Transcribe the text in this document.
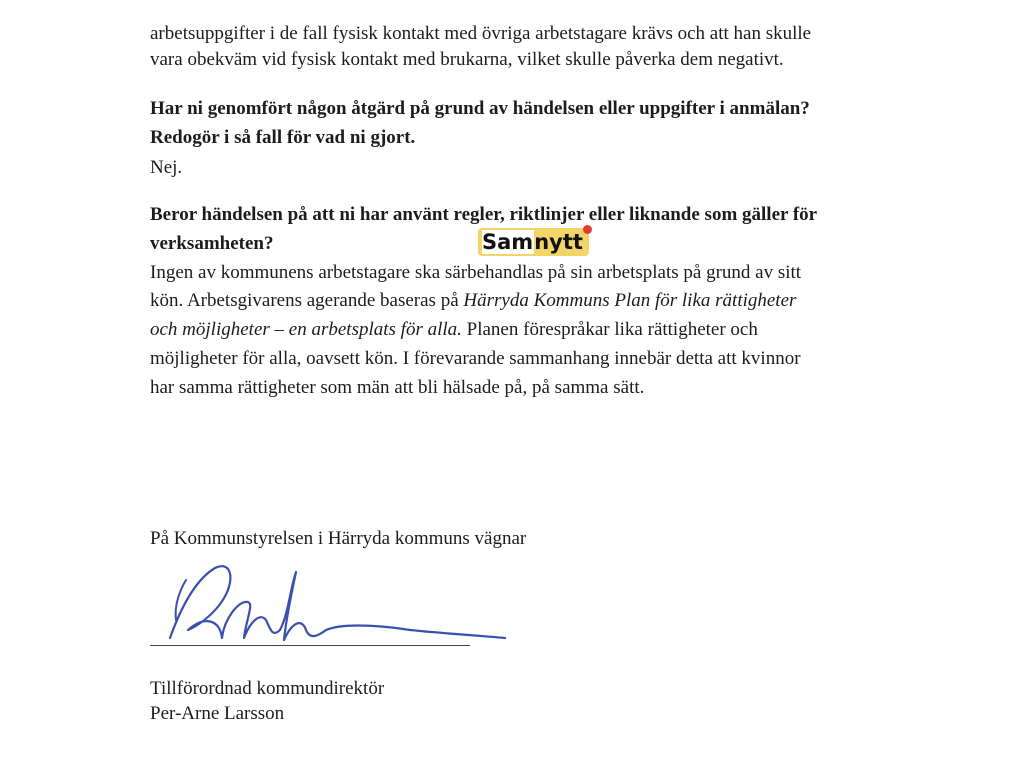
arbetsuppgifter i de fall fysisk kontakt med övriga arbetstagare krävs och att han skulle
vara obekväm vid fysisk kontakt med brukarna, vilket skulle påverka dem negativt.
Har ni genomfört någon åtgärd på grund av händelsen eller uppgifter i anmälan?
Redogör i så fall för vad ni gjort.
Nej.
Beror händelsen på att ni har använt regler, riktlinjer eller liknande som gäller för
verksamheten?
Ingen av kommunens arbetstagare ska särbehandlas på sin arbetsplats på grund av sitt
kön. Arbetsgivarens agerande baseras på Härryda Kommuns Plan för lika rättigheter
och möjligheter – en arbetsplats för alla. Planen förespråkar lika rättigheter och
möjligheter för alla, oavsett kön. I förevarande sammanhang innebär detta att kvinnor
har samma rättigheter som män att bli hälsade på, på samma sätt.
Samnytt
På Kommunstyrelsen i Härryda kommuns vägnar
Tillförordnad kommundirektör
Per-Arne Larsson
